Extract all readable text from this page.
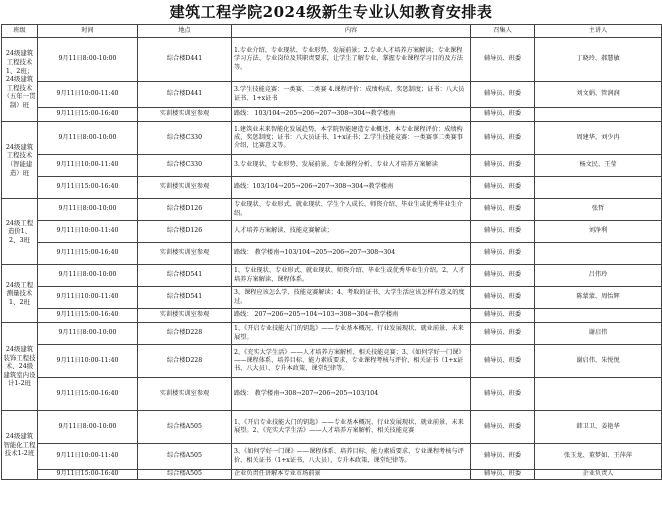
建筑工程学院2024级新生专业认知教育安排表
班级	时间	地点	内容	召集人	主讲人
24级建筑工程技术1、2班；24级建筑工程技术（五年一贯制）班	9月11日8:00-10:00	综合楼D441	1.专业介绍、专业现状、专业形势、发展前景；2.专业人才培养方案解读；专业课程学习方法、专业岗位及其职责要求，让学生了解专业、掌握专业课程学习目的及方法等。	辅导员、班委	丁晓玲、郝慧敏
	9月11日10:00-11:40	综合楼D441	3.学生技能竞赛：一类赛、二类赛 4.课程评价：成绩构成、奖惩制度；证书：八大员证书、1+x证书	辅导员、班委	刘文娟、管润润
	9月11日15:00-16:40	实训楼实训室参观	路线： 103/104→205→206→207→308→304→教学楼南	辅导员、班委	
24级建筑工程技术（智能建造）班	9月11日8:00-10:00	综合楼C330	1.建筑业未来智能化发展趋势，本学院智能建造专业概述，本专业课程评价：成绩构成，奖惩制度；证书：八大员证书、1+x证书；2.学生技能竞赛：一类赛事二类赛事介绍，比赛意义等。	辅导员、班委	周建华、刘少冉
	9月11日10:00-11:40	综合楼C330	3.专业现状、专业形势、发展前景。专业课程分析、专业人才培养方案解读	辅导员、班委	杨文民、王莹
	9月11日15:00-16:40	实训楼实训室参观	路线：103/104→205→206→207→308→304→教学楼南	辅导员、班委	
24级工程造价1、2、3班	9月11日8:00-10:00	综合楼D126	专业现状、专业形式、就业现状、学生个人成长、师资介绍、毕业生或优秀毕业生介绍。	辅导员、班委	张哲
	9月11日10:00-11:40	综合楼D126	人才培养方案解读、技能竞赛解读；	辅导员、班委	刘净利
	9月11日15:00-16:40	实训楼实训室参观	路线： 教学楼南→103/104→205→206→207→308→304	辅导员、班委	
24级工程测量技术1、2班	9月11日8:00-10:00	综合楼D541	1、专业现状、专业形式、就业现状、师资介绍、毕业生或优秀毕业生介绍。2、人才培养方案解读、课程体系。	辅导员、班委	吕伟玲
	9月11日10:00-11:40	综合楼D541	3、课程应该怎么学、技能竞赛解读；4、考取的证书、大学生活应该怎样有意义的度过。	辅导员、班委	陈蒙蒙、周怡辉
	9月11日15:00-16:40	实训楼实训室参观	路线： 207→206→205→104→103→308→304→教学楼南	辅导员、班委	
24级建筑装饰工程技术、24级建筑室内设计1-2班	9月11日8:00-10:00	综合楼D228	1、《开启专业技能大门的钥匙》——专业基本概况、行业发展现状、就业前景、未来展望。	辅导员、班委	谢启伟
	9月11日10:00-11:40	综合楼D228	2、《充实大学生活》——人才培养方案解析、相关技能竞赛；3、《如何学好一门课》——课程体系、培养目标、能力素质要求、专业课程考核与评价、相关证书（1+x证书、八大员）、专升本政策、课堂纪律等。	辅导员、班委	谢启伟、朱悦悦
	9月11日15:00-16:40	实训楼实训室参观	路线： 教学楼南→308→207→206→205→103/104	辅导员、班委	
24级建筑智能化工程技术1-2班	9月11日8:00-10:00	综合楼A505	1、《开启专业技能大门的钥匙》——专业基本概况、行业发展现状、就业前景、未来展望。2、《充实大学生活》——人才培养方案解析、相关技能竞赛	辅导员、班委	韩卫卫、姜艳华
	9月11日10:00-11:40	综合楼A505	3、《如何学好一门课》——课程体系、培养目标、能力素质要求、专业课程考核与评价、相关证书（1+x证书、八大员）、专升本政策、课堂纪律等。	辅导员、班委	张玉龙、董梦如、王萍萍
	9月11日15:00-16:40	综合楼A505	企业负责任讲解本专业市场前景	辅导员、班委	企业负责人
